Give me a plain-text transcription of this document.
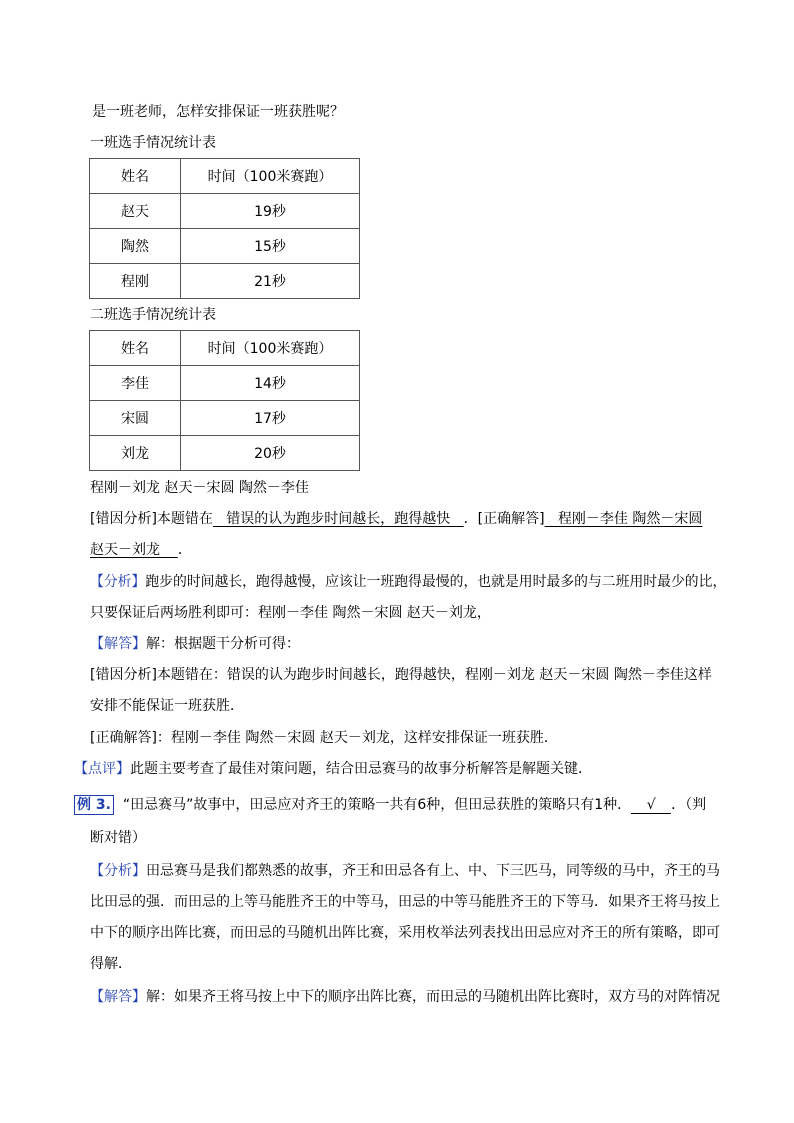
是一班老师，怎样安排保证一班获胜呢？
一班选手情况统计表
姓名	时间（100米赛跑）
赵天	19秒
陶然	15秒
程刚	21秒
二班选手情况统计表
姓名	时间（100米赛跑）
李佳	14秒
宋圆	17秒
刘龙	20秒
程刚－刘龙 赵天－宋圆 陶然－李佳
[错因分析]本题错在   错误的认为跑步时间越长，跑得越快   ．[正确解答]   程刚－李佳 陶然－宋圆
赵天－刘龙    ．
【分析】跑步的时间越长，跑得越慢，应该让一班跑得最慢的，也就是用时最多的与二班用时最少的比，
只要保证后两场胜利即可：程刚－李佳 陶然－宋圆 赵天－刘龙，
【解答】解：根据题干分析可得：
[错因分析]本题错在：错误的认为跑步时间越长，跑得越快，程刚－刘龙 赵天－宋圆 陶然－李佳这样
安排不能保证一班获胜．
[正确解答]：程刚－李佳 陶然－宋圆 赵天－刘龙，这样安排保证一班获胜．
【点评】此题主要考查了最佳对策问题，结合田忌赛马的故事分析解答是解题关键．
例 3. “田忌赛马”故事中，田忌应对齐王的策略一共有6种，但田忌获胜的策略只有1种． √ ．（判
断对错）
【分析】田忌赛马是我们都熟悉的故事，齐王和田忌各有上、中、下三匹马，同等级的马中，齐王的马
比田忌的强．而田忌的上等马能胜齐王的中等马，田忌的中等马能胜齐王的下等马．如果齐王将马按上
中下的顺序出阵比赛，而田忌的马随机出阵比赛，采用枚举法列表找出田忌应对齐王的所有策略，即可
得解．
【解答】解：如果齐王将马按上中下的顺序出阵比赛，而田忌的马随机出阵比赛时，双方马的对阵情况
